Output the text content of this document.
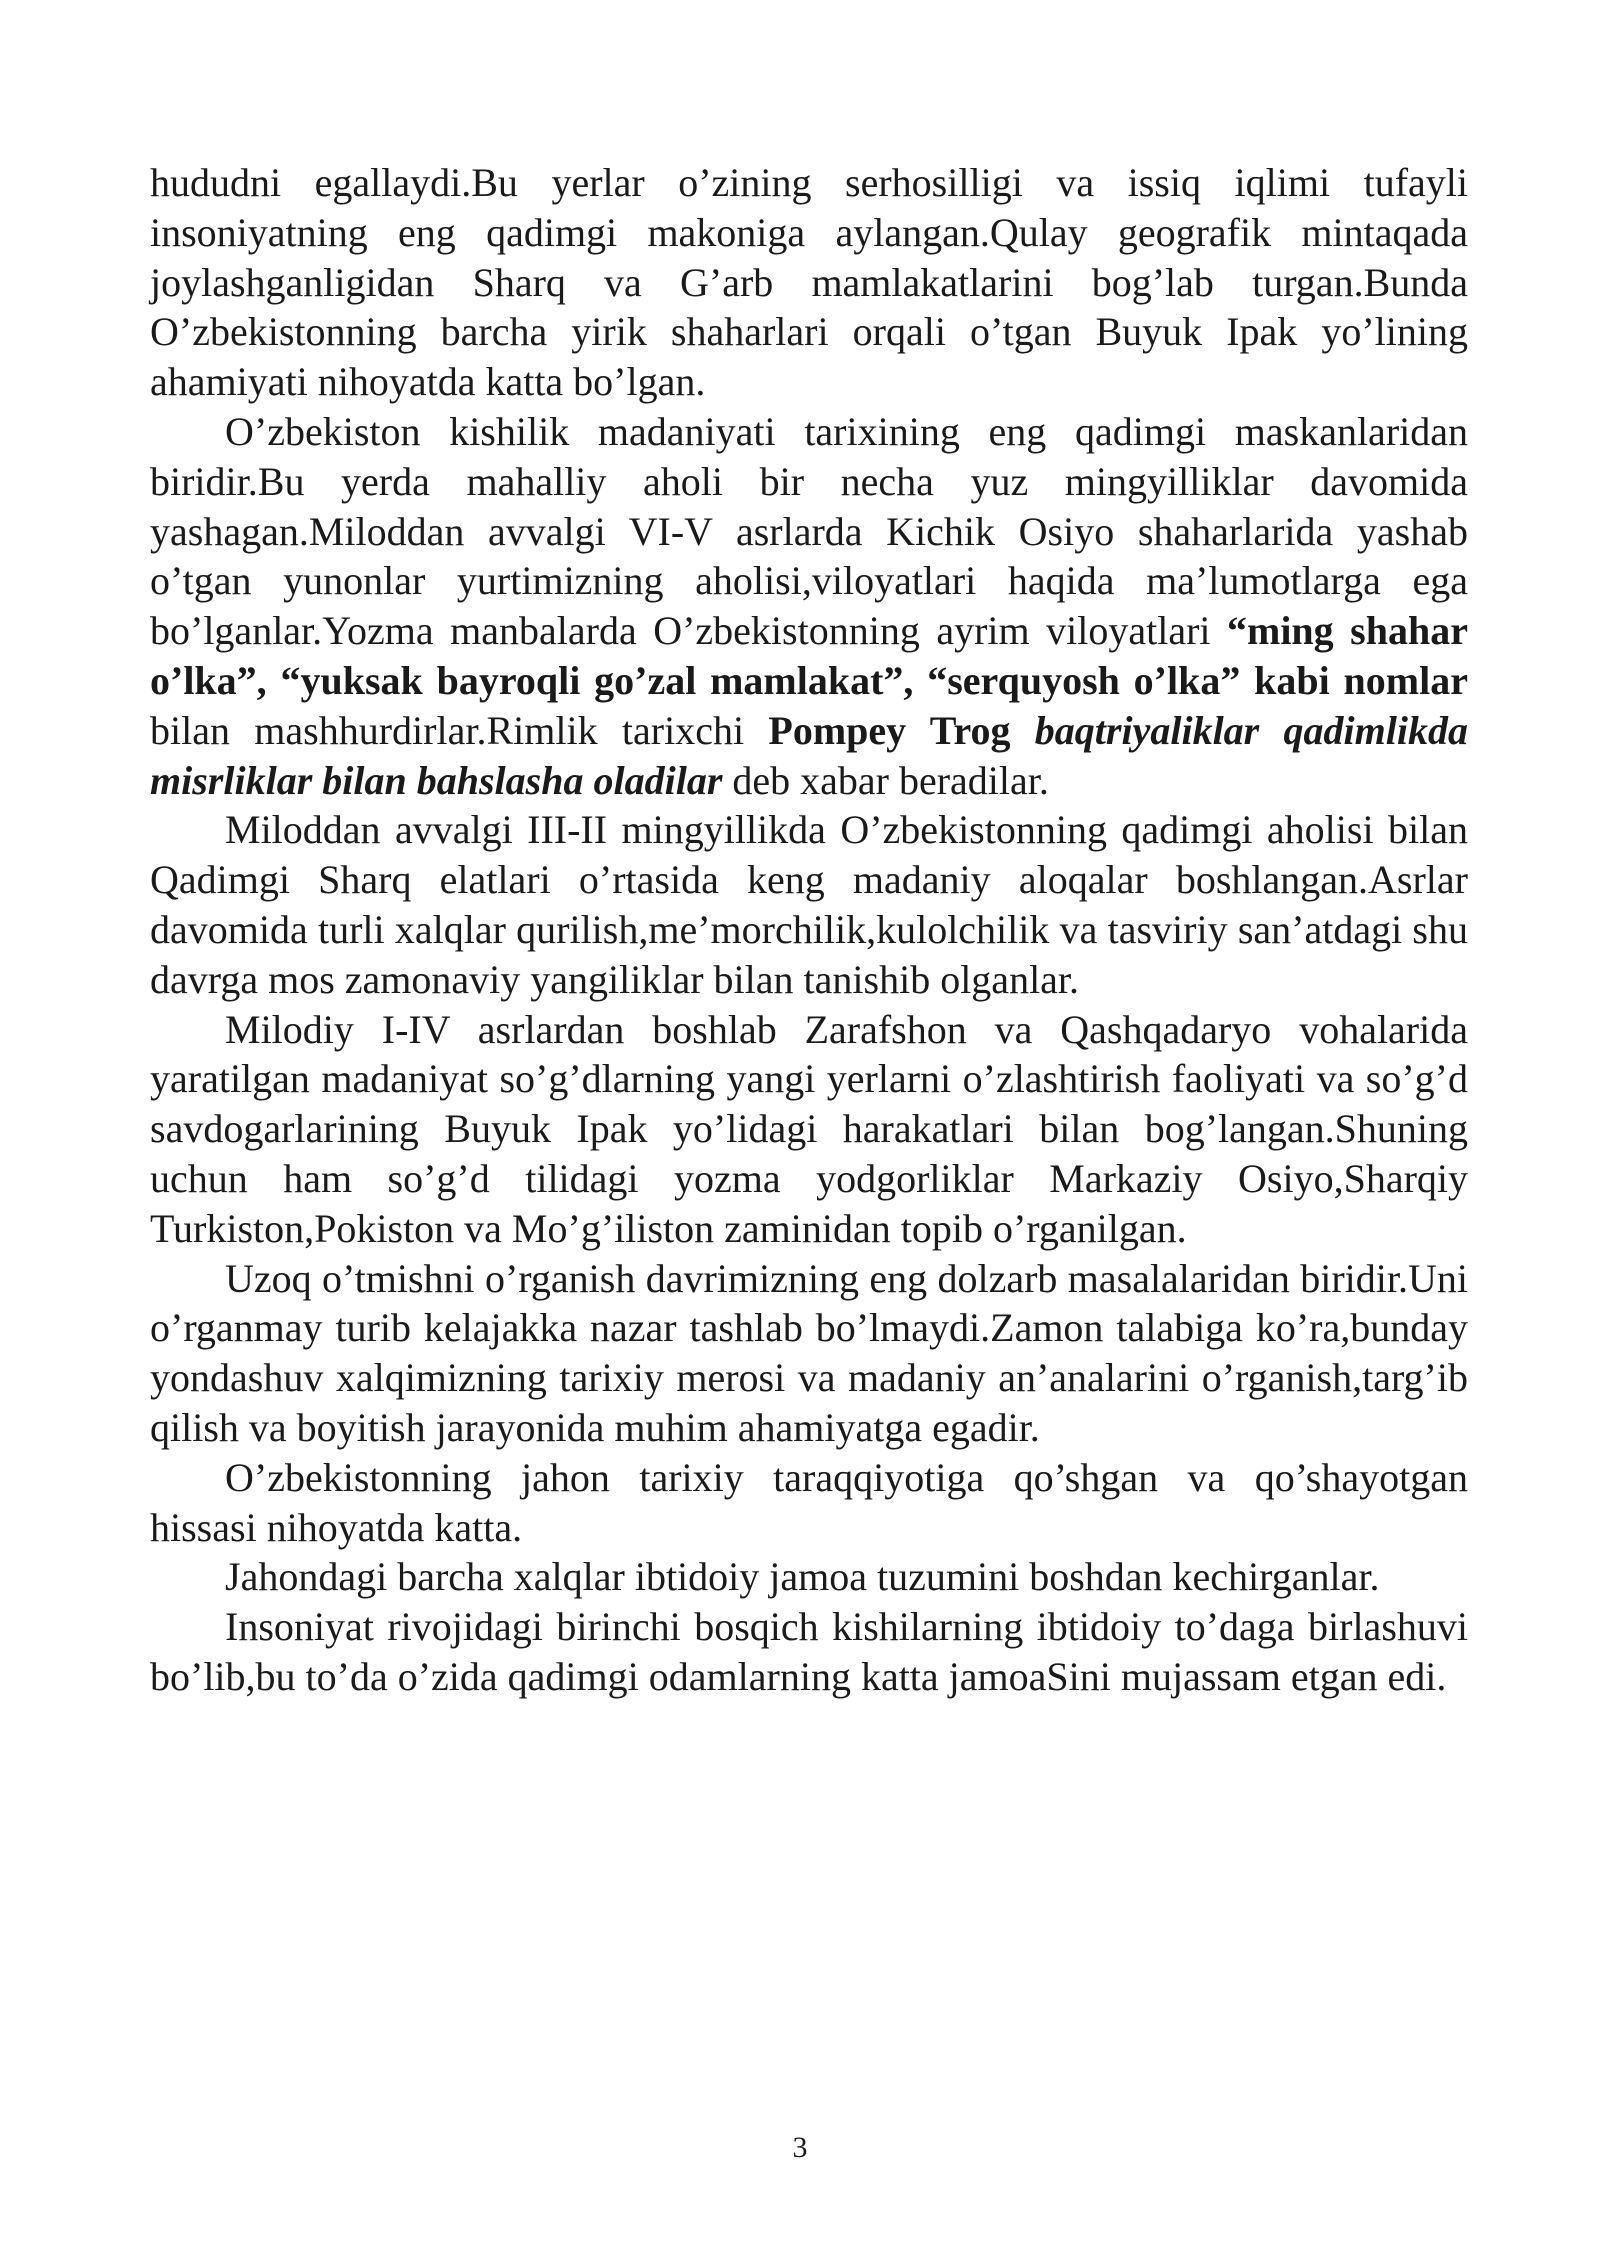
hududni egallaydi.Bu yerlar o’zining serhosilligi va issiq iqlimi tufayli insoniyatning eng qadimgi makoniga aylangan.Qulay geografik mintaqada joylashganligidan Sharq va G’arb mamlakatlarini bog’lab turgan.Bunda O’zbekistonning barcha yirik shaharlari orqali o’tgan Buyuk Ipak yo’lining ahamiyati nihoyatda katta bo’lgan.

O’zbekiston kishilik madaniyati tarixining eng qadimgi maskanlaridan biridir.Bu yerda mahalliy aholi bir necha yuz mingyilliklar davomida yashagan.Miloddan avvalgi VI-V asrlarda Kichik Osiyo shaharlarida yashab o’tgan yunonlar yurtimizning aholisi,viloyatlari haqida ma’lumotlarga ega bo’lganlar.Yozma manbalarda O’zbekistonning ayrim viloyatlari “ming shahar o’lka”, “yuksak bayroqli go’zal mamlakat”, “serquyosh o’lka” kabi nomlar bilan mashhurdirlar.Rimlik tarixchi Pompey Trog baqtriyaliklar qadimlikda misrliklar bilan bahslasha oladilar deb xabar beradilar.

Miloddan avvalgi III-II mingyillikda O’zbekistonning qadimgi aholisi bilan Qadimgi Sharq elatlari o’rtasida keng madaniy aloqalar boshlangan.Asrlar davomida turli xalqlar qurilish,me’morchilik,kulolchilik va tasviriy san’atdagi shu davrga mos zamonaviy yangiliklar bilan tanishib olganlar.

Milodiy I-IV asrlardan boshlab Zarafshon va Qashqadaryo vohalarida yaratilgan madaniyat so’g’dlarning yangi yerlarni o’zlashtirish faoliyati va so’g’d savdogarlarining Buyuk Ipak yo’lidagi harakatlari bilan bog’langan.Shuning uchun ham so’g’d tilidagi yozma yodgorliklar Markaziy Osiyo,Sharqiy Turkiston,Pokiston va Mo’g’iliston zaminidan topib o’rganilgan.

Uzoq o’tmishni o’rganish davrimizning eng dolzarb masalalaridan biridir.Uni o’rganmay turib kelajakka nazar tashlab bo’lmaydi.Zamon talabiga ko’ra,bunday yondashuv xalqimizning tarixiy merosi va madaniy an’analarini o’rganish,targ’ib qilish va boyitish jarayonida muhim ahamiyatga egadir.

O’zbekistonning jahon tarixiy taraqqiyotiga qo’shgan va qo’shayotgan hissasi nihoyatda katta.

Jahondagi barcha xalqlar ibtidoiy jamoa tuzumini boshdan kechirganlar.

Insoniyat rivojidagi birinchi bosqich kishilarning ibtidoiy to’daga birlashuvi bo’lib,bu to’da o’zida qadimgi odamlarning katta jamoaSini mujassam etgan edi.

3
